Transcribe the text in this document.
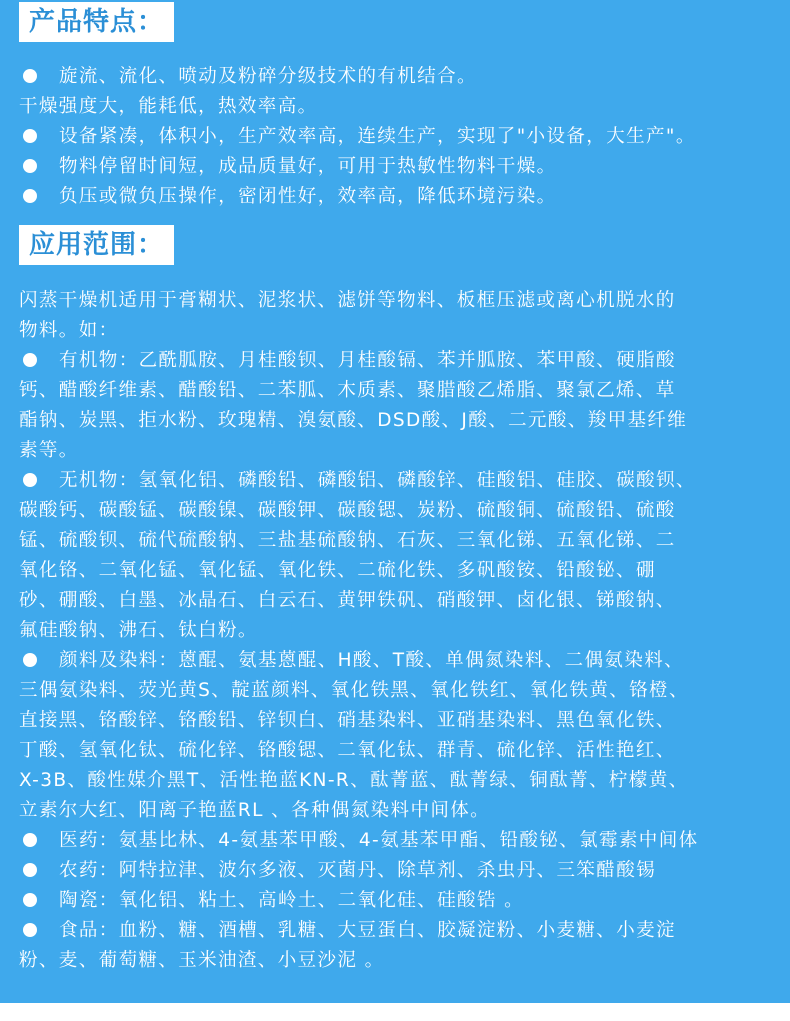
产品特点：
旋流、流化、喷动及粉碎分级技术的有机结合。
干燥强度大，能耗低，热效率高。
设备紧凑，体积小，生产效率高，连续生产，实现了"小设备，大生产"。
物料停留时间短，成品质量好，可用于热敏性物料干燥。
负压或微负压操作，密闭性好，效率高，降低环境污染。
应用范围：
闪蒸干燥机适用于膏糊状、泥浆状、滤饼等物料、板框压滤或离心机脱水的
物料。如：
有机物：乙酰胍胺、月桂酸钡、月桂酸镉、苯并胍胺、苯甲酸、硬脂酸
钙、醋酸纤维素、醋酸铅、二苯胍、木质素、聚腊酸乙烯脂、聚氯乙烯、草
酯钠、炭黑、拒水粉、玫瑰精、溴氨酸、DSD酸、J酸、二元酸、羧甲基纤维
素等。
无机物：氢氧化铝、磷酸铅、磷酸铝、磷酸锌、硅酸铝、硅胶、碳酸钡、
碳酸钙、碳酸锰、碳酸镍、碳酸钾、碳酸锶、炭粉、硫酸铜、硫酸铅、硫酸
锰、硫酸钡、硫代硫酸钠、三盐基硫酸钠、石灰、三氧化锑、五氧化锑、二
氧化铬、二氧化锰、氧化锰、氧化铁、二硫化铁、多矾酸铵、铅酸铋、硼
砂、硼酸、白墨、冰晶石、白云石、黄钾铁矾、硝酸钾、卤化银、锑酸钠、
氟硅酸钠、沸石、钛白粉。
颜料及染料：蒽醌、氨基蒽醌、H酸、T酸、单偶氮染料、二偶氨染料、
三偶氨染料、荧光黄S、靛蓝颜料、氧化铁黑、氧化铁红、氧化铁黄、铬橙、
直接黑、铬酸锌、铬酸铅、锌钡白、硝基染料、亚硝基染料、黑色氧化铁、
丁酸、氢氧化钛、硫化锌、铬酸锶、二氧化钛、群青、硫化锌、活性艳红、
X-3B、酸性媒介黑T、活性艳蓝KN-R、酞菁蓝、酞菁绿、铜酞菁、柠檬黄、
立素尔大红、阳离子艳蓝RL 、各种偶氮染料中间体。
医药：氨基比林、4-氨基苯甲酸、4-氨基苯甲酯、铅酸铋、氯霉素中间体
农药：阿特拉津、波尔多液、灭菌丹、除草剂、杀虫丹、三笨醋酸锡
陶瓷：氧化铝、粘土、高岭土、二氧化硅、硅酸锆 。
食品：血粉、糖、酒槽、乳糖、大豆蛋白、胶凝淀粉、小麦糖、小麦淀
粉、麦、葡萄糖、玉米油渣、小豆沙泥 。
